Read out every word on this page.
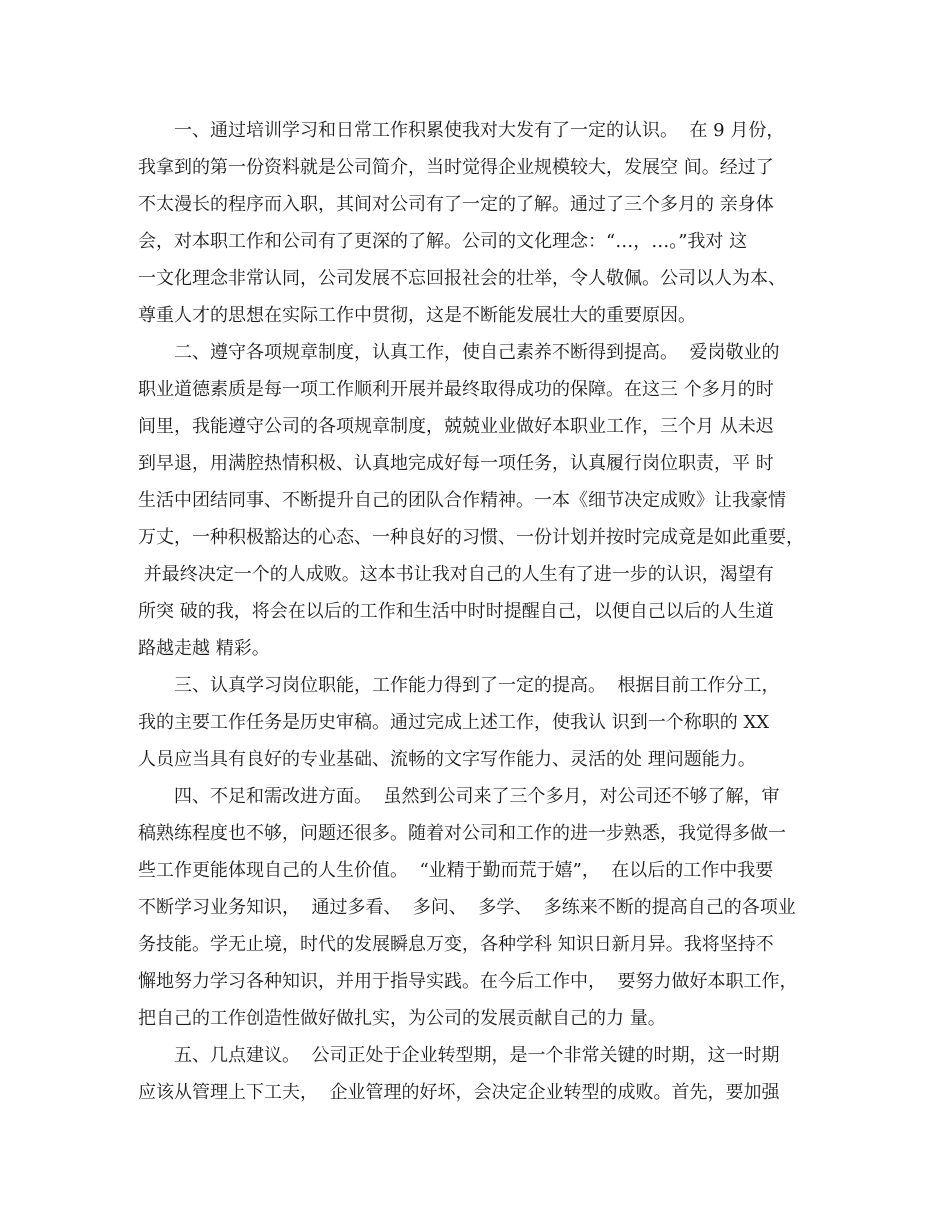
一、通过培训学习和日常工作积累使我对大发有了一定的认识。  在 9 月份，
我拿到的第一份资料就是公司简介，当时觉得企业规模较大，发展空 间。经过了
不太漫长的程序而入职，其间对公司有了一定的了解。通过了三个多月的 亲身体
会，对本职工作和公司有了更深的了解。公司的文化理念：“…，…。”我对 这
一文化理念非常认同，公司发展不忘回报社会的壮举，令人敬佩。公司以人为本、
尊重人才的思想在实际工作中贯彻，这是不断能发展壮大的重要原因。
二、遵守各项规章制度，认真工作，使自己素养不断得到提高。  爱岗敬业的
职业道德素质是每一项工作顺利开展并最终取得成功的保障。在这三 个多月的时
间里，我能遵守公司的各项规章制度，兢兢业业做好本职业工作，三个月 从未迟
到早退，用满腔热情积极、认真地完成好每一项任务，认真履行岗位职责，平 时
生活中团结同事、不断提升自己的团队合作精神。一本《细节决定成败》让我豪情
万丈，一种积极豁达的心态、一种良好的习惯、一份计划并按时完成竟是如此重要，
并最终决定一个的人成败。这本书让我对自己的人生有了进一步的认识，渴望有
所突 破的我，将会在以后的工作和生活中时时提醒自己，以便自己以后的人生道
路越走越 精彩。
三、认真学习岗位职能，工作能力得到了一定的提高。  根据目前工作分工，
我的主要工作任务是历史审稿。通过完成上述工作，使我认 识到一个称职的 XX
人员应当具有良好的专业基础、流畅的文字写作能力、灵活的处 理问题能力。
四、不足和需改进方面。  虽然到公司来了三个多月，对公司还不够了解，审
稿熟练程度也不够，问题还很多。随着对公司和工作的进一步熟悉，我觉得多做一
些工作更能体现自己的人生价值。  “业精于勤而荒于嬉”，  在以后的工作中我要
不断学习业务知识，  通过多看、  多问、  多学、  多练来不断的提高自己的各项业
务技能。学无止境，时代的发展瞬息万变，各种学科 知识日新月异。我将坚持不
懈地努力学习各种知识，并用于指导实践。在今后工作中，  要努力做好本职工作，
把自己的工作创造性做好做扎实，为公司的发展贡献自己的力 量。
五、几点建议。  公司正处于企业转型期，是一个非常关键的时期，这一时期
应该从管理上下工夫，  企业管理的好坏，会决定企业转型的成败。首先，要加强
